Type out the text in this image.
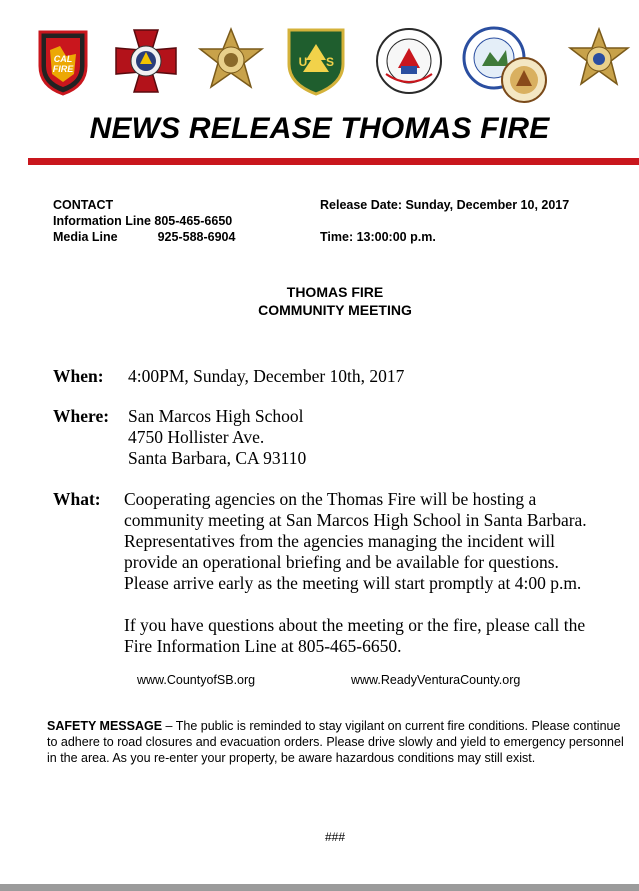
CAL
FIRE	U S
NEWS RELEASE THOMAS FIRE
CONTACT
Information Line 805-465-6650
Media Line	925-588-6904
Release Date: Sunday, December 10, 2017
Time: 13:00:00 p.m.
THOMAS FIRE
COMMUNITY MEETING
When: 4:00PM, Sunday, December 10th, 2017
Where: San Marcos High School
4750 Hollister Ave.
Santa Barbara, CA 93110
What: Cooperating agencies on the Thomas Fire will be hosting a
community meeting at San Marcos High School in Santa Barbara.
Representatives from the agencies managing the incident will
provide an operational briefing and be available for questions.
Please arrive early as the meeting will start promptly at 4:00 p.m.
If you have questions about the meeting or the fire, please call the
Fire Information Line at 805-465-6650.
www.CountyofSB.org	www.ReadyVenturaCounty.org
SAFETY MESSAGE – The public is reminded to stay vigilant on current fire conditions. Please continue to adhere to road closures and evacuation orders. Please drive slowly and yield to emergency personnel in the area. As you re-enter your property, be aware hazardous conditions may still exist.
###
